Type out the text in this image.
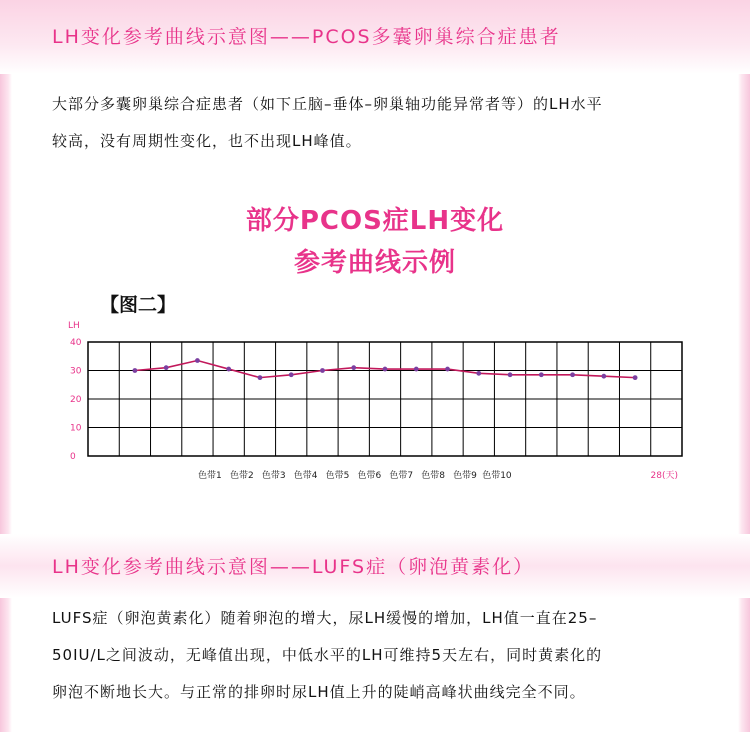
LH变化参考曲线示意图——PCOS多囊卵巢综合症患者
大部分多囊卵巢综合症患者（如下丘脑–垂体–卵巢轴功能异常者等）的LH水平
较高，没有周期性变化，也不出现LH峰值。
部分PCOS症LH变化
参考曲线示例
【图二】
LH
0
10
20
30
40
色带1 色带2 色带3 色带4 色带5 色带6 色带7 色带8 色带9 色带10	28(天)
LH变化参考曲线示意图——LUFS症（卵泡黄素化）
LUFS症（卵泡黄素化）随着卵泡的增大，尿LH缓慢的增加，LH值一直在25–
50IU/L之间波动，无峰值出现，中低水平的LH可维持5天左右，同时黄素化的
卵泡不断地长大。与正常的排卵时尿LH值上升的陡峭高峰状曲线完全不同。
